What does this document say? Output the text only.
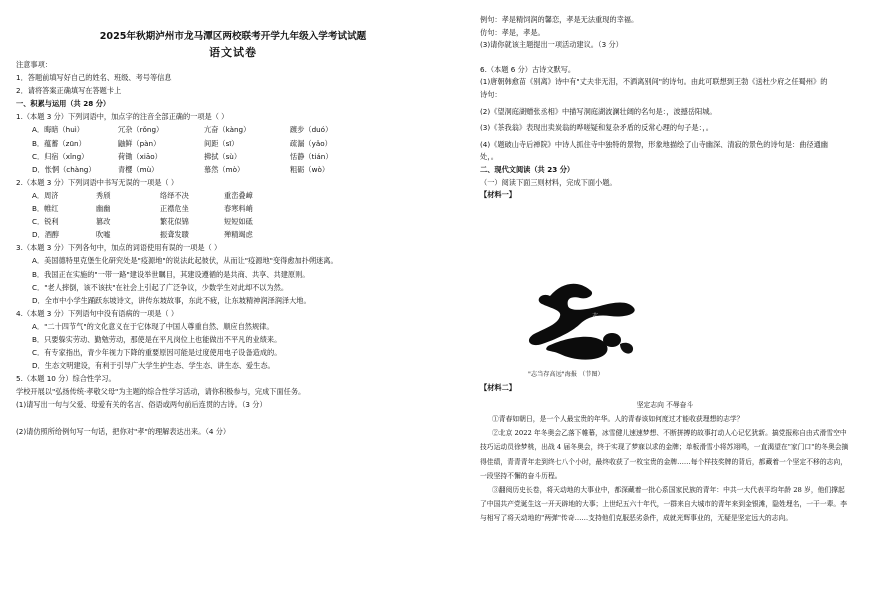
2025年秋期泸州市龙马潭区两校联考开学九年级入学考试试题
语文试卷
注意事项：
1．答题前填写好自己的姓名、班级、考号等信息
2．请将答案正确填写在答题卡上
一、积累与运用（共 28 分）
1.（本题 3 分）下列词语中，加点字的注音全部正确的一项是（ ）
A．晦暗（huì）	冗杂（rǒng）	亢奋（kàng）	踱步（duó）
B．蕴蓄（zūn）	鼬鲜（pàn）	间距（sī）	疏漏（yǎo）
C．归宿（xǐng）	荷锄（xiāo）	拂拭（sù）	恬静（tián）
D．怅惘（chàng）	青樱（mù）	慕然（mò）	粗砺（wò）
2.（本题 3 分）下列词语中书写无误的一项是（ ）
A．周济	秀颀	络绎不决	重峦叠嶂
B．帷红	幽幽	正襟危坐	春寒料峭
C．锐利	篡改	繁花似锦	短短如砥
D．酒醇	吹嘘	振聋发聩	殚精竭虑
3.（本题 3 分）下列各句中，加点的词语使用有误的一项是（ ）
A．美国德特里克堡生化研究处是"疫源地"的说法此起彼伏，从而让"疫源地"变得愈加扑朔迷离。
B．我国正在实施的"一带一路"建设举世瞩目，其建设遵循的是共商、共享、共建原则。
C．"老人摔倒，该不该扶"在社会上引起了广泛争议，少数学生对此却不以为然。
D．全市中小学生踊跃东坡诗文，讲传东坡故事，东此不疲，让东坡精神润泽润泽大地。
4.（本题 3 分）下列语句中没有语病的一项是（ ）
A．"二十四节气"的文化意义在于它体现了中国人尊重自然、顺应自然规律。
B．只要躲实劳动、勤勉劳动，那使是在平凡岗位上也能做出不平凡的业绩来。
C．有专家指出，青少年视力下降的重要原因可能是过度使用电子设备造成的。
D．生态文明建设，有利于引导广大学生护生态、学生态、讲生态、爱生态。
5.（本题 10 分）综合性学习。
学校开展以"弘扬传统·孝敬父母"为主题的综合性学习活动，请你积极参与，完成下面任务。
(1)请写出一句与父爱、母爱有关的名言、俗语或两句前后连贯的古诗。（3 分）
(2)请仿照所给例句写一句话，把你对"孝"的理解表达出来。（4 分）
例句：孝是精饲润的馨恋，孝是无法重现的幸福。
仿句：孝是，孝是。
(3)请你就该主题提出一项活动建议。（3 分）
6.（本题 6 分）古诗文默写。
(1)唐朝韩愈苗《别离》诗中有"丈夫非无泪，不洒离别间"的诗句。由此可联想到王勃《送杜少府之任蜀州》的诗句：
(2)《望洞庭湖赠张丞相》中描写洞庭湖波澜壮阔的名句是：，波撼岳阳城。
(3)《茶我翁》表现出卖炭翁的哗嗟疑和复杂矛盾的反常心理的句子是：，。
(4)《题破山寺后禅院》中诗人抓住寺中独特的景物，形象地描绘了山寺幽深、清寂的景色的诗句是：曲径通幽处，。
二、现代文阅读（共 23 分）
（一）阅读下面三则材料，完成下面小题。
【材料一】
志
"志当存高远"海报 （节图）
【材料二】
坚定志向 不辱奋斗

①青春如朝日，是一个人最宝贵的年华。人的青春该如何度过才能收获理想的志学？

②北京 2022 年冬奥会乙落下帷幕，冰雪健儿速速梦想、不断拼搏的故事打动人心记忆犹新。搞党报称自由式滑雪空中技巧运动员徐梦桃，出战 4 届冬奥会，终于实现了梦寐以求的金牌；单板滑雪小将苏翊鸣，一直渴望在"家门口"的冬奥会摘得佳绩，青青青年走到终七八个小时，最终收获了一枚宝贵的金牌……每个样技奖牌的背后，都藏着一个坚定不移的志向，一段坚持不懈的奋斗历程。

③翻阅历史长卷，将天动地的大事业中，都深藏着一批心系国家民族的青年：中共一大代表平均年龄 28 岁，他们撑起了中国共产党诞生这一开天辟地的大事；上世纪五六十年代，一群来自大城市的青年来到金银滩，隐姓埋名，一干一辈。李与相写了将天动地的"两弹"传奇……支持他们克服恶劣条件，成就光辉事业的，无疑是坚定远大的志向。
